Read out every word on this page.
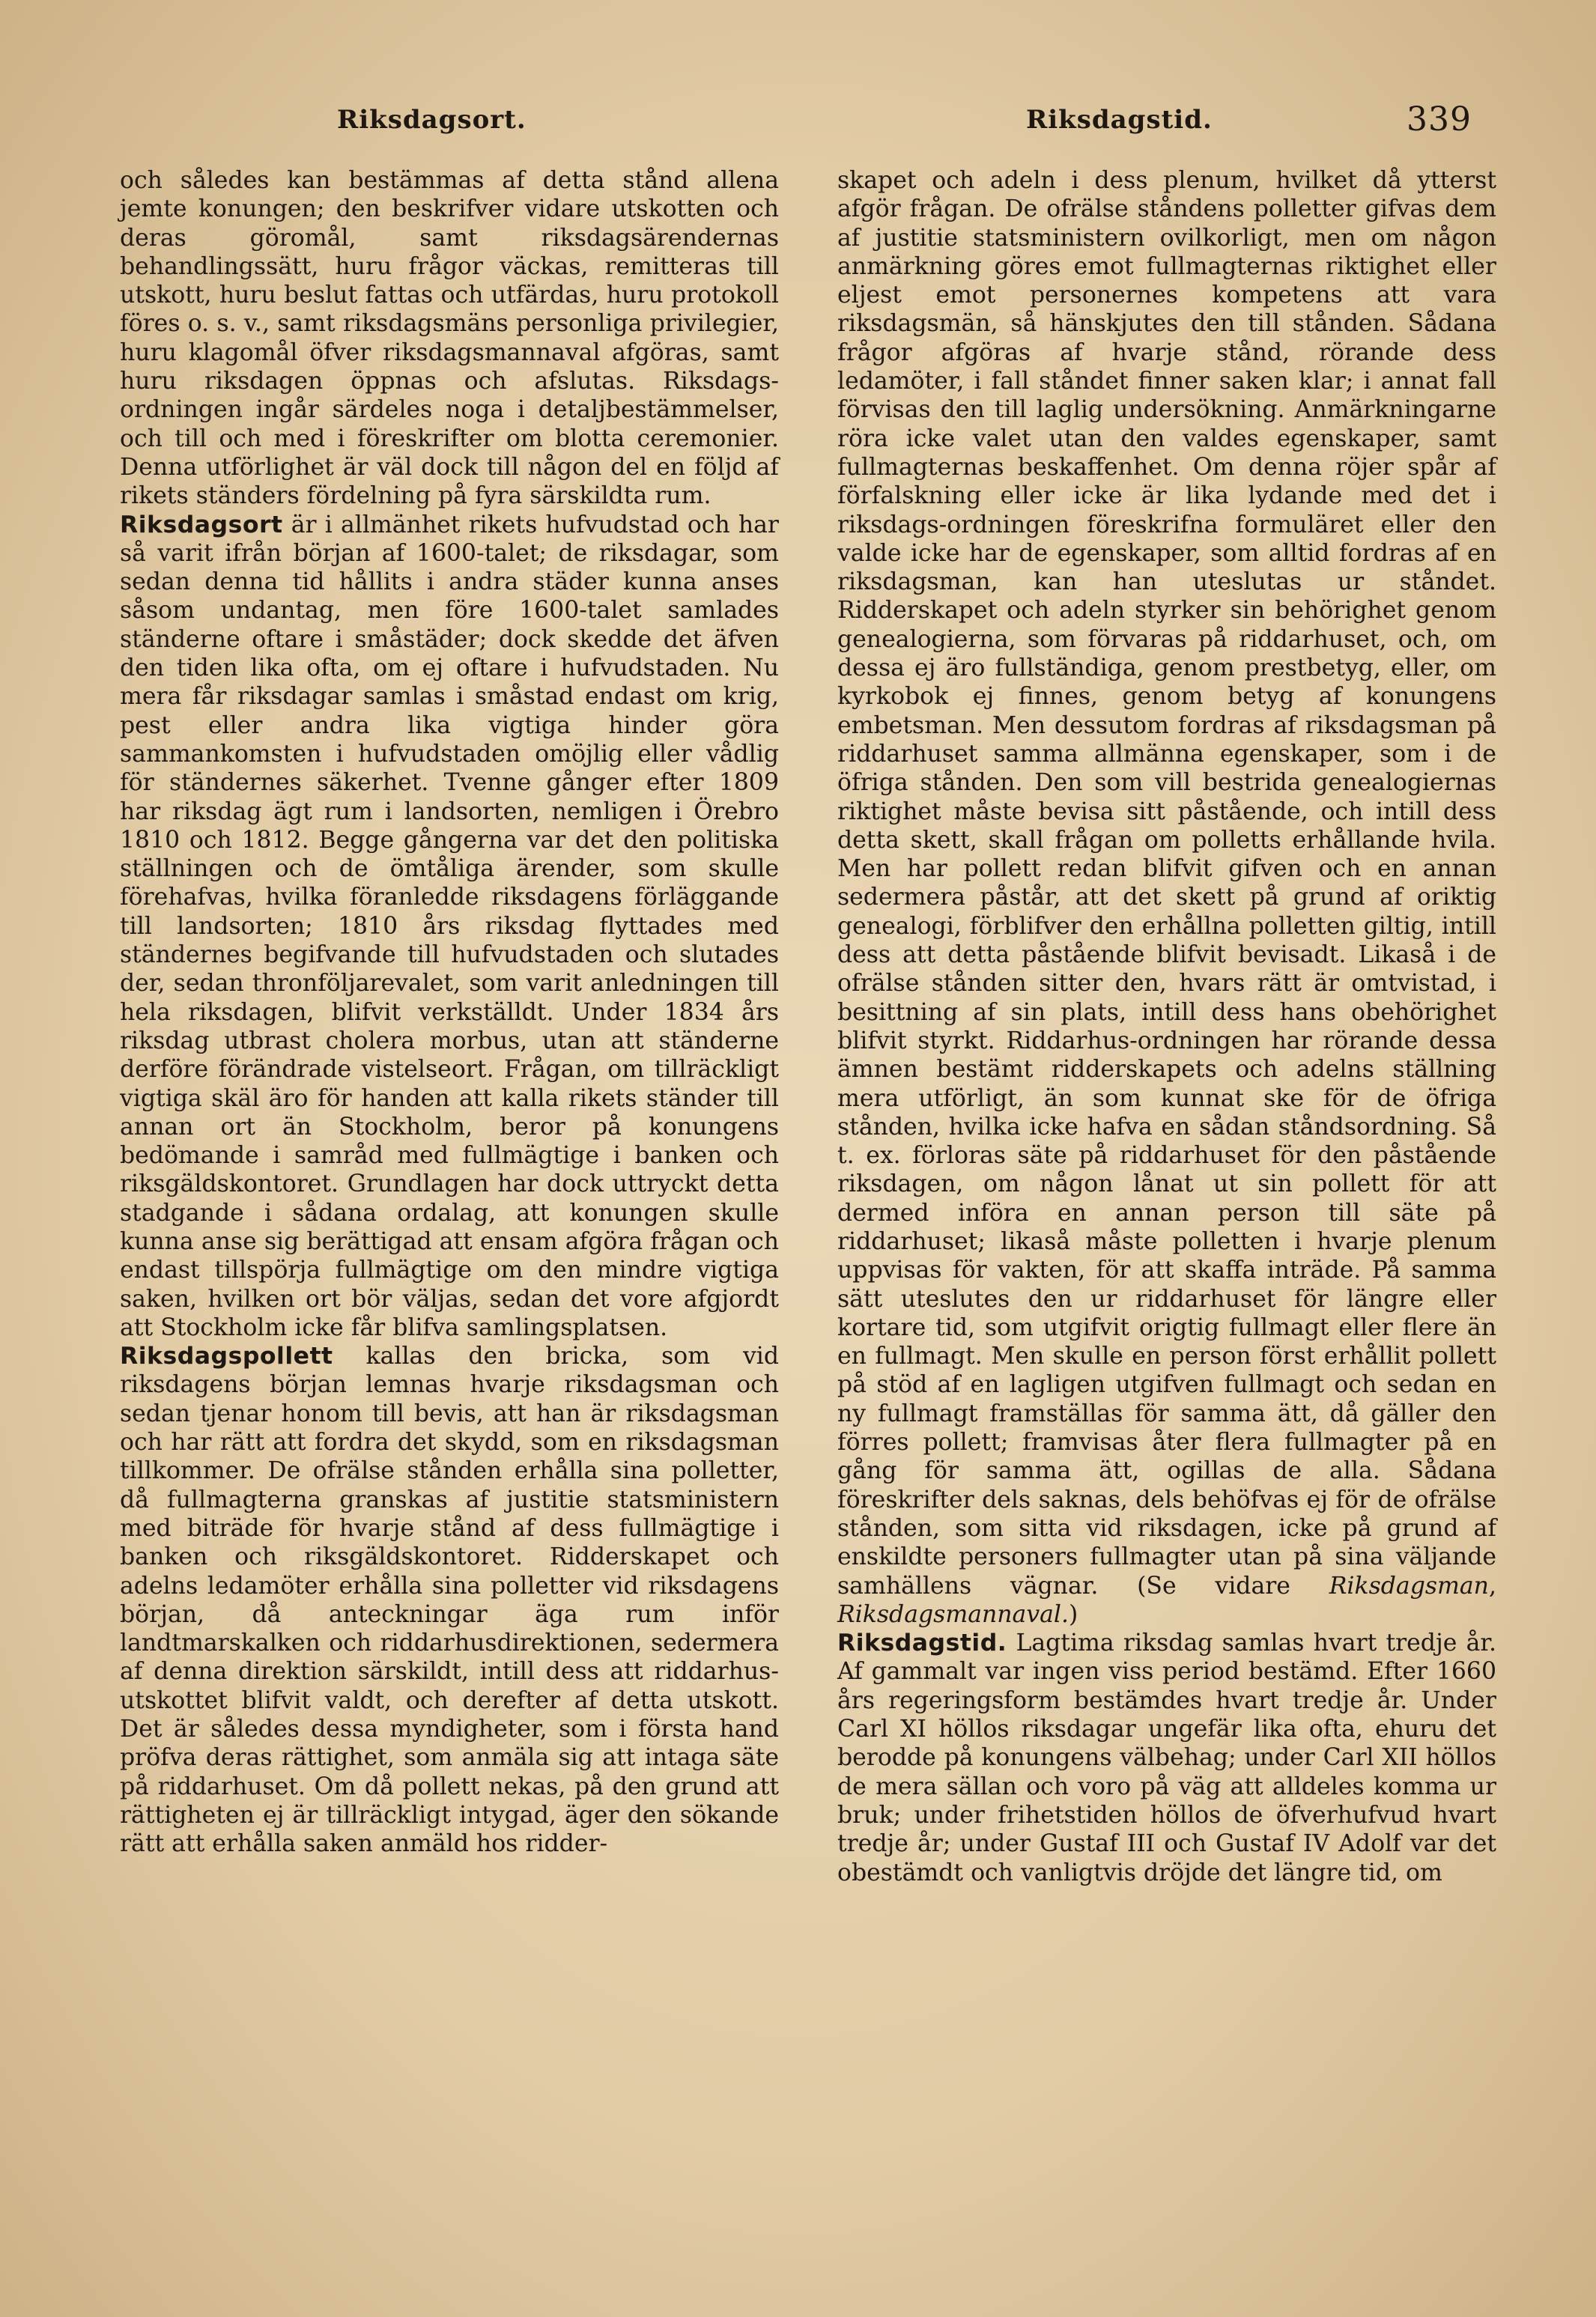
Riksdagsort.	Riksdagstid.	339

och således kan bestämmas af detta stånd allena jemte konungen; den beskrifver vidare utskotten och deras göromål, samt riksdagsärendernas behandlingssätt, huru frågor väckas, remitteras till utskott, huru beslut fattas och utfärdas, huru protokoll föres o. s. v., samt riksdagsmäns personliga privilegier, huru klagomål öfver riksdagsmannaval afgöras, samt huru riksdagen öppnas och afslutas. Riksdags-ordningen ingår särdeles noga i detaljbestämmelser, och till och med i föreskrifter om blotta ceremonier. Denna utförlighet är väl dock till någon del en följd af rikets ständers fördelning på fyra särskildta rum.

Riksdagsort är i allmänhet rikets hufvudstad och har så varit ifrån början af 1600-talet; de riksdagar, som sedan denna tid hållits i andra städer kunna anses såsom undantag, men före 1600-talet samlades ständerne oftare i småstäder; dock skedde det äfven den tiden lika ofta, om ej oftare i hufvudstaden. Nu mera får riksdagar samlas i småstad endast om krig, pest eller andra lika vigtiga hinder göra sammankomsten i hufvudstaden omöjlig eller vådlig för ständernes säkerhet. Tvenne gånger efter 1809 har riksdag ägt rum i landsorten, nemligen i Örebro 1810 och 1812. Begge gångerna var det den politiska ställningen och de ömtåliga ärender, som skulle förehafvas, hvilka föranledde riksdagens förläggande till landsorten; 1810 års riksdag flyttades med ständernes begifvande till hufvudstaden och slutades der, sedan thronföljarevalet, som varit anledningen till hela riksdagen, blifvit verkställdt. Under 1834 års riksdag utbrast cholera morbus, utan att ständerne derföre förändrade vistelseort. Frågan, om tillräckligt vigtiga skäl äro för handen att kalla rikets ständer till annan ort än Stockholm, beror på konungens bedömande i samråd med fullmägtige i banken och riksgäldskontoret. Grundlagen har dock uttryckt detta stadgande i sådana ordalag, att konungen skulle kunna anse sig berättigad att ensam afgöra frågan och endast tillspörja fullmägtige om den mindre vigtiga saken, hvilken ort bör väljas, sedan det vore afgjordt att Stockholm icke får blifva samlingsplatsen.

Riksdagspollett kallas den bricka, som vid riksdagens början lemnas hvarje riksdagsman och sedan tjenar honom till bevis, att han är riksdagsman och har rätt att fordra det skydd, som en riksdagsman tillkommer. De ofrälse stånden erhålla sina polletter, då fullmagterna granskas af justitie statsministern med biträde för hvarje stånd af dess fullmägtige i banken och riksgäldskontoret. Ridderskapet och adelns ledamöter erhålla sina polletter vid riksdagens början, då anteckningar äga rum inför landtmarskalken och riddarhusdirektionen, sedermera af denna direktion särskildt, intill dess att riddarhus-utskottet blifvit valdt, och derefter af detta utskott. Det är således dessa myndigheter, som i första hand pröfva deras rättighet, som anmäla sig att intaga säte på riddarhuset. Om då pollett nekas, på den grund att rättigheten ej är tillräckligt intygad, äger den sökande rätt att erhålla saken anmäld hos ridder-

skapet och adeln i dess plenum, hvilket då ytterst afgör frågan. De ofrälse ståndens polletter gifvas dem af justitie statsministern ovilkorligt, men om någon anmärkning göres emot fullmagternas riktighet eller eljest emot personernes kompetens att vara riksdagsmän, så hänskjutes den till stånden. Sådana frågor afgöras af hvarje stånd, rörande dess ledamöter, i fall ståndet finner saken klar; i annat fall förvisas den till laglig undersökning. Anmärkningarne röra icke valet utan den valdes egenskaper, samt fullmagternas beskaffenhet. Om denna röjer spår af förfalskning eller icke är lika lydande med det i riksdags-ordningen föreskrifna formuläret eller den valde icke har de egenskaper, som alltid fordras af en riksdagsman, kan han uteslutas ur ståndet. Ridderskapet och adeln styrker sin behörighet genom genealogierna, som förvaras på riddarhuset, och, om dessa ej äro fullständiga, genom prestbetyg, eller, om kyrkobok ej finnes, genom betyg af konungens embetsman. Men dessutom fordras af riksdagsman på riddarhuset samma allmänna egenskaper, som i de öfriga stånden. Den som vill bestrida genealogiernas riktighet måste bevisa sitt påstående, och intill dess detta skett, skall frågan om polletts erhållande hvila. Men har pollett redan blifvit gifven och en annan sedermera påstår, att det skett på grund af oriktig genealogi, förblifver den erhållna polletten giltig, intill dess att detta påstående blifvit bevisadt. Likaså i de ofrälse stånden sitter den, hvars rätt är omtvistad, i besittning af sin plats, intill dess hans obehörighet blifvit styrkt. Riddarhus-ordningen har rörande dessa ämnen bestämt ridderskapets och adelns ställning mera utförligt, än som kunnat ske för de öfriga stånden, hvilka icke hafva en sådan ståndsordning. Så t. ex. förloras säte på riddarhuset för den påstående riksdagen, om någon lånat ut sin pollett för att dermed införa en annan person till säte på riddarhuset; likaså måste polletten i hvarje plenum uppvisas för vakten, för att skaffa inträde. På samma sätt uteslutes den ur riddarhuset för längre eller kortare tid, som utgifvit origtig fullmagt eller flere än en fullmagt. Men skulle en person först erhållit pollett på stöd af en lagligen utgifven fullmagt och sedan en ny fullmagt framställas för samma ätt, då gäller den förres pollett; framvisas åter flera fullmagter på en gång för samma ätt, ogillas de alla. Sådana föreskrifter dels saknas, dels behöfvas ej för de ofrälse stånden, som sitta vid riksdagen, icke på grund af enskildte personers fullmagter utan på sina väljande samhällens vägnar. (Se vidare Riksdagsman, Riksdagsmannaval.)

Riksdagstid. Lagtima riksdag samlas hvart tredje år. Af gammalt var ingen viss period bestämd. Efter 1660 års regeringsform bestämdes hvart tredje år. Under Carl XI höllos riksdagar ungefär lika ofta, ehuru det berodde på konungens välbehag; under Carl XII höllos de mera sällan och voro på väg att alldeles komma ur bruk; under frihetstiden höllos de öfverhufvud hvart tredje år; under Gustaf III och Gustaf IV Adolf var det obestämdt och vanligtvis dröjde det längre tid, om
